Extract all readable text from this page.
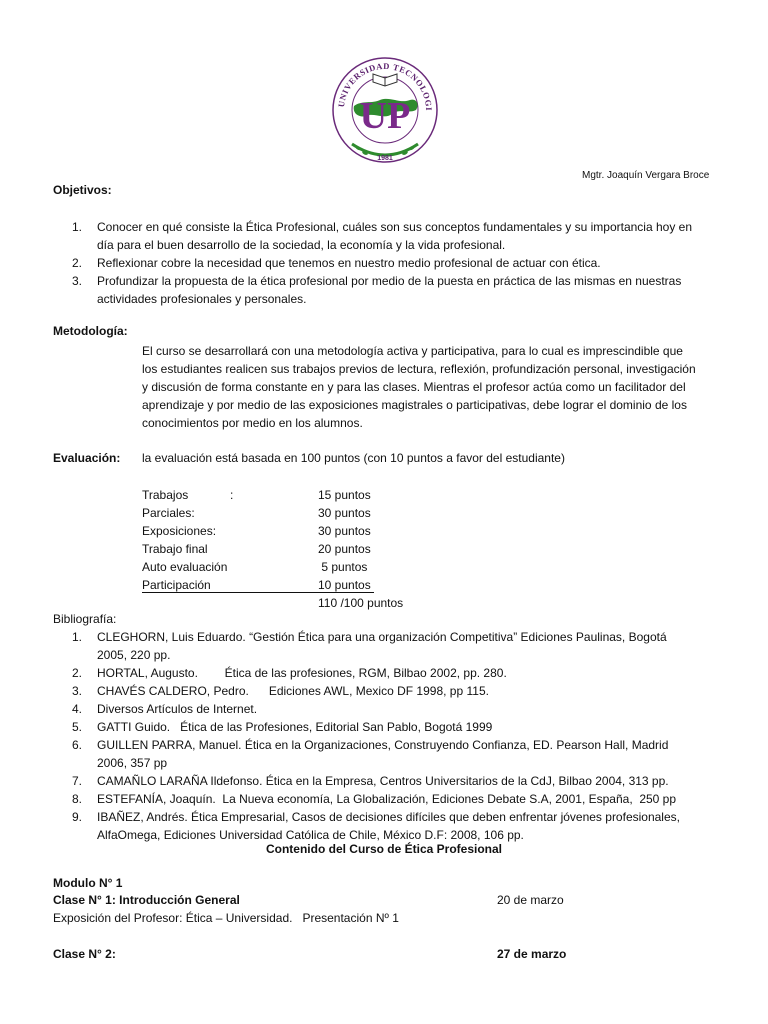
UNIVERSIDAD TECNOLOGI
UP
1981
Mgtr. Joaquín Vergara Broce
Objetivos:
1. Conocer en qué consiste la Ética Profesional, cuáles son sus conceptos fundamentales y su importancia hoy en
día para el buen desarrollo de la sociedad, la economía y la vida profesional.
2. Reflexionar cobre la necesidad que tenemos en nuestro medio profesional de actuar con ética.
3. Profundizar la propuesta de la ética profesional por medio de la puesta en práctica de las mismas en nuestras
actividades profesionales y personales.
Metodología:
El curso se desarrollará con una metodología activa y participativa, para lo cual es imprescindible que
los estudiantes realicen sus trabajos previos de lectura, reflexión, profundización personal, investigación
y discusión de forma constante en y para las clases. Mientras el profesor actúa como un facilitador del
aprendizaje y por medio de las exposiciones magistrales o participativas, debe lograr el dominio de los
conocimientos por medio en los alumnos.
Evaluación: la evaluación está basada en 100 puntos (con 10 puntos a favor del estudiante)
Trabajos	:	15 puntos
Parciales:	30 puntos
Exposiciones:	30 puntos
Trabajo final	20 puntos
Auto evaluación	5 puntos
Participación	10 puntos
110 /100 puntos
Bibliografía:
1. CLEGHORN, Luis Eduardo. “Gestión Ética para una organización Competitiva” Ediciones Paulinas, Bogotá
2005, 220 pp.
2. HORTAL, Augusto.        Ética de las profesiones, RGM, Bilbao 2002, pp. 280.
3. CHAVÉS CALDERO, Pedro.      Ediciones AWL, Mexico DF 1998, pp 115.
4. Diversos Artículos de Internet.
5. GATTI Guido.   Ética de las Profesiones, Editorial San Pablo, Bogotá 1999
6. GUILLEN PARRA, Manuel. Ética en la Organizaciones, Construyendo Confianza, ED. Pearson Hall, Madrid
2006, 357 pp
7. CAMAÑLO LARAÑA Ildefonso. Ética en la Empresa, Centros Universitarios de la CdJ, Bilbao 2004, 313 pp.
8. ESTEFANÍA, Joaquín.  La Nueva economía, La Globalización, Ediciones Debate S.A, 2001, España,  250 pp
9. IBAÑEZ, Andrés. Ética Empresarial, Casos de decisiones difíciles que deben enfrentar jóvenes profesionales,
AlfaOmega, Ediciones Universidad Católica de Chile, México D.F: 2008, 106 pp.
Contenido del Curso de Ética Profesional
Modulo N° 1
Clase N° 1: Introducción General	20 de marzo
Exposición del Profesor: Ética – Universidad.   Presentación Nº 1
Clase N° 2:	27 de marzo
